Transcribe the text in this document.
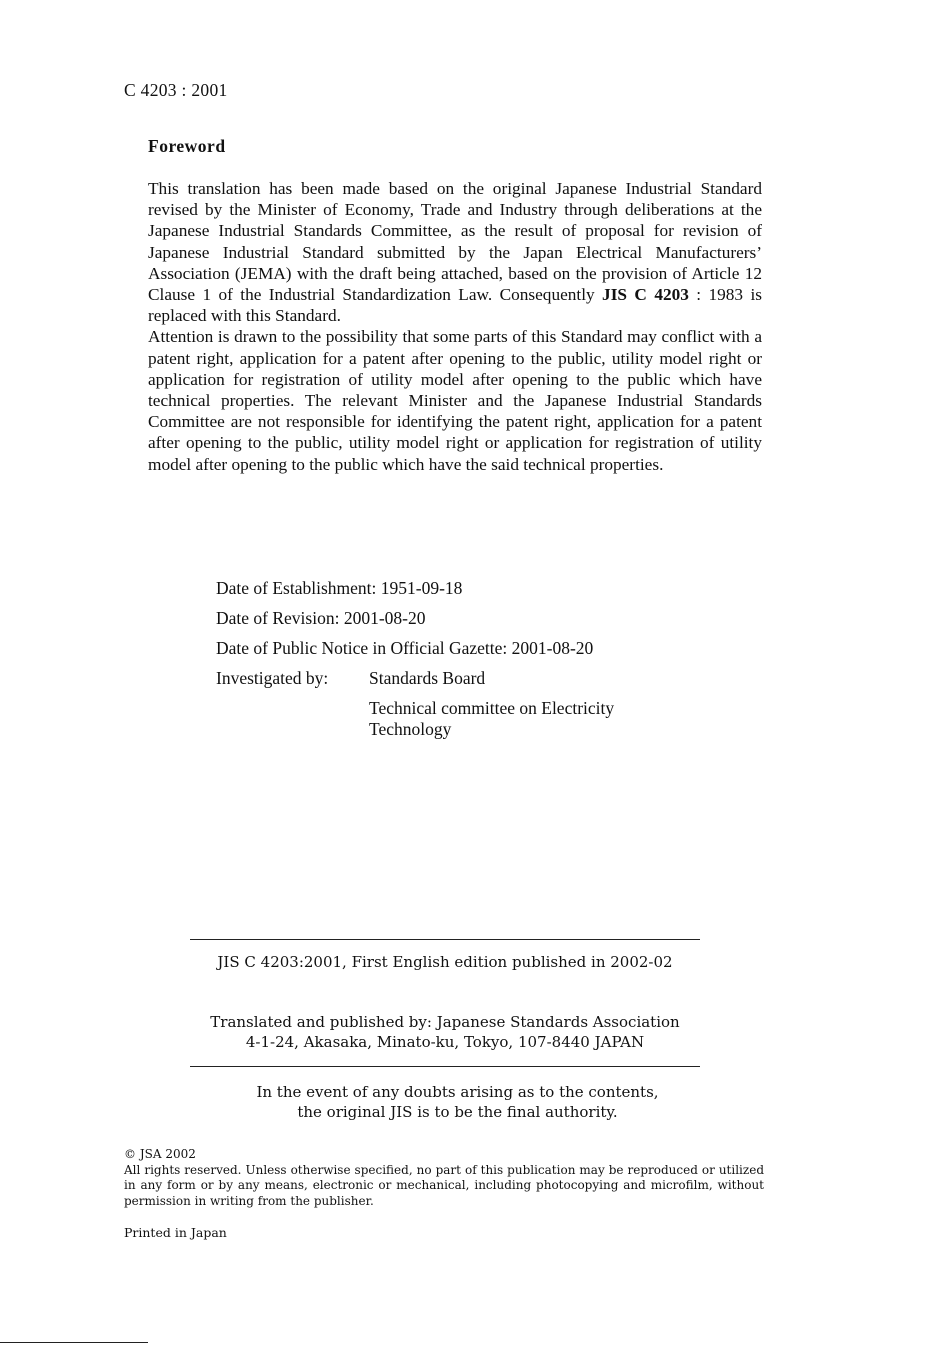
C 4203 : 2001
Foreword

This translation has been made based on the original Japanese Industrial Standard revised by the Minister of Economy, Trade and Industry through deliberations at the Japanese Industrial Standards Committee, as the result of proposal for revision of Japanese Industrial Standard submitted by the Japan Electrical Manufacturers’ Association (JEMA) with the draft being attached, based on the provision of Article 12 Clause 1 of the Industrial Standardization Law. Consequently JIS C 4203 : 1983 is replaced with this Standard.

Attention is drawn to the possibility that some parts of this Standard may conflict with a patent right, application for a patent after opening to the public, utility model right or application for registration of utility model after opening to the public which have technical properties. The relevant Minister and the Japanese Industrial Standards Committee are not responsible for identifying the patent right, application for a patent after opening to the public, utility model right or application for registration of utility model after opening to the public which have the said technical properties.

Date of Establishment: 1951-09-18
Date of Revision: 2001-08-20
Date of Public Notice in Official Gazette: 2001-08-20
Investigated by: Standards Board
Technical committee on Electricity Technology
JIS C 4203:2001, First English edition published in 2002-02
Translated and published by: Japanese Standards Association
4-1-24, Akasaka, Minato-ku, Tokyo, 107-8440 JAPAN
In the event of any doubts arising as to the contents,
the original JIS is to be the final authority.

© JSA 2002

All rights reserved. Unless otherwise specified, no part of this publication may be reproduced or utilized in any form or by any means, electronic or mechanical, including photocopying and microfilm, without permission in writing from the publisher.

Printed in Japan
